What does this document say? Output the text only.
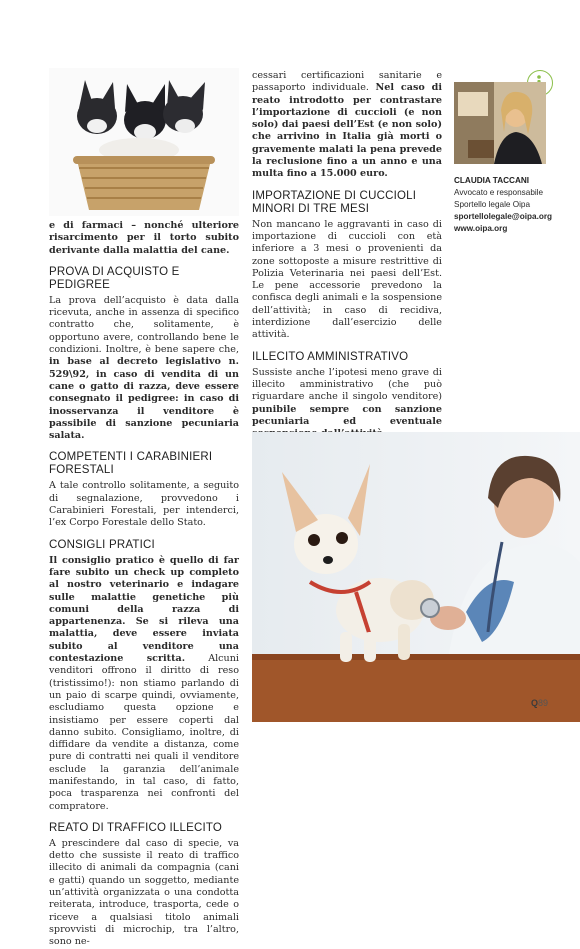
e di farmaci – nonché ulteriore risarcimento per il torto subito derivante dalla malattia del cane.

PROVA DI ACQUISTO E PEDIGREE

La prova dell’acquisto è data dalla ricevuta, anche in assenza di specifico contratto che, solitamente, è opportuno avere, controllando bene le condizioni. Inoltre, è bene sapere che, in base al decreto legislativo n. 529\92, in caso di vendita di un cane o gatto di razza, deve essere consegnato il pedigree: in caso di inosservanza il venditore è passibile di sanzione pecuniaria salata.

COMPETENTI I CARABINIERI FORESTALI

A tale controllo solitamente, a seguito di segnalazione, provvedono i Carabinieri Forestali, per intenderci, l’ex Corpo Forestale dello Stato.

CONSIGLI PRATICI

Il consiglio pratico è quello di far fare subito un check up completo al nostro veterinario e indagare sulle malattie genetiche più comuni della razza di appartenenza. Se si rileva una malattia, deve essere inviata subito al venditore una contestazione scritta. Alcuni venditori offrono il diritto di reso (tristissimo!): non stiamo parlando di un paio di scarpe quindi, ovviamente, escludiamo questa opzione e insistiamo per essere coperti dal danno subito. Consigliamo, inoltre, di diffidare da vendite a distanza, come pure di contratti nei quali il venditore esclude la garanzia dell’animale manifestando, in tal caso, di fatto, poca trasparenza nei confronti del compratore.

REATO DI TRAFFICO ILLECITO

A prescindere dal caso di specie, va detto che sussiste il reato di traffico illecito di animali da compagnia (cani e gatti) quando un soggetto, mediante un’attività organizzata o una condotta reiterata, introduce, trasporta, cede o riceve a qualsiasi titolo animali sprovvisti di microchip, tra l’altro, sono ne-

cessari certificazioni sanitarie e passaporto individuale. Nel caso di reato introdotto per contrastare l’importazione di cuccioli (e non solo) dai paesi dell’Est (e non solo) che arrivino in Italia già morti o gravemente malati la pena prevede la reclusione fino a un anno e una multa fino a 15.000 euro.

IMPORTAZIONE DI CUCCIOLI MINORI DI TRE MESI

Non mancano le aggravanti in caso di importazione di cuccioli con età inferiore a 3 mesi o provenienti da zone sottoposte a misure restrittive di Polizia Veterinaria nei paesi dell’Est. Le pene accessorie prevedono la confisca degli animali e la sospensione dell’attività; in caso di recidiva, interdizione dall’esercizio delle attività.

ILLECITO AMMINISTRATIVO

Sussiste anche l’ipotesi meno grave di illecito amministrativo (che può riguardare anche il singolo venditore) punibile sempre con sanzione pecuniaria ed eventuale

CLAUDIA TACCANI
Avvocato e responsabile Sportello legale Oipa
sportellolegale@oipa.org
www.oipa.org
Q89
